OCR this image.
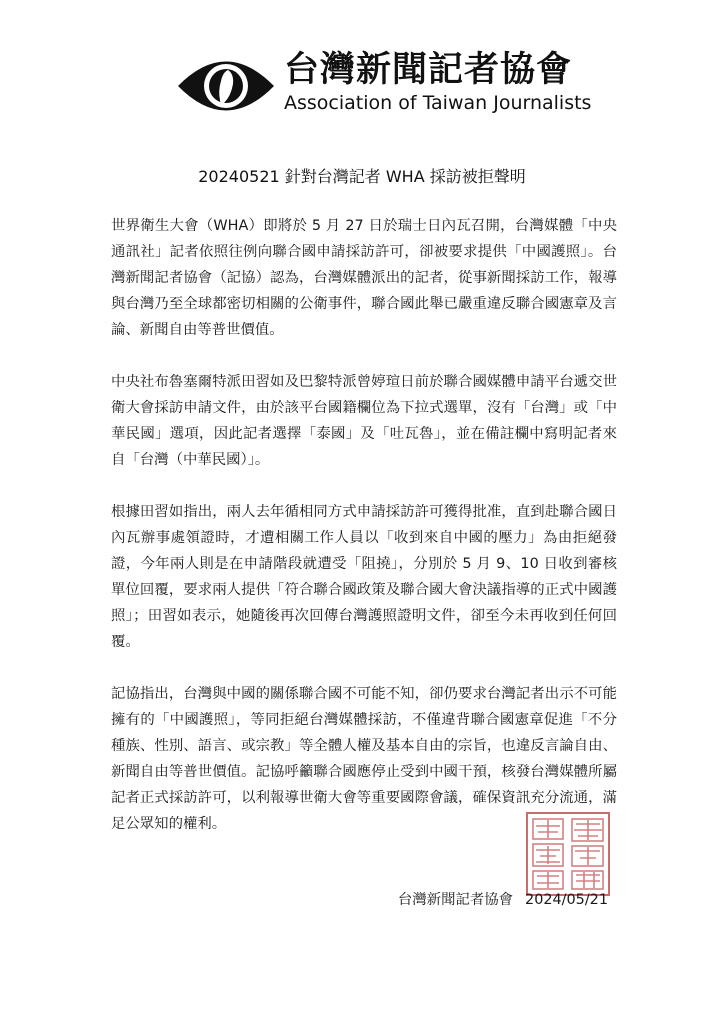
台灣新聞記者協會
Association of Taiwan Journalists
20240521 針對台灣記者 WHA 採訪被拒聲明

世界衛生大會（WHA）即將於 5 月 27 日於瑞士日內瓦召開，台灣媒體「中央通訊社」記者依照往例向聯合國申請採訪許可，卻被要求提供「中國護照」。台灣新聞記者協會（記協）認為，台灣媒體派出的記者，從事新聞採訪工作，報導與台灣乃至全球都密切相關的公衛事件，聯合國此舉已嚴重違反聯合國憲章及言論、新聞自由等普世價值。

中央社布魯塞爾特派田習如及巴黎特派曾婷瑄日前於聯合國媒體申請平台遞交世衛大會採訪申請文件，由於該平台國籍欄位為下拉式選單，沒有「台灣」或「中華民國」選項，因此記者選擇「泰國」及「吐瓦魯」，並在備註欄中寫明記者來自「台灣（中華民國）」。

根據田習如指出，兩人去年循相同方式申請採訪許可獲得批准，直到赴聯合國日內瓦辦事處領證時，才遭相關工作人員以「收到來自中國的壓力」為由拒絕發證，今年兩人則是在申請階段就遭受「阻撓」，分別於 5 月 9、10 日收到審核單位回覆，要求兩人提供「符合聯合國政策及聯合國大會決議指導的正式中國護照」；田習如表示，她隨後再次回傳台灣護照證明文件，卻至今未再收到任何回覆。

記協指出，台灣與中國的關係聯合國不可能不知，卻仍要求台灣記者出示不可能擁有的「中國護照」，等同拒絕台灣媒體採訪，不僅違背聯合國憲章促進「不分種族、性別、語言、或宗教」等全體人權及基本自由的宗旨，也違反言論自由、新聞自由等普世價值。記協呼籲聯合國應停止受到中國干預，核發台灣媒體所屬記者正式採訪許可，以利報導世衛大會等重要國際會議，確保資訊充分流通，滿足公眾知的權利。

台灣新聞記者協會 2024/05/21
